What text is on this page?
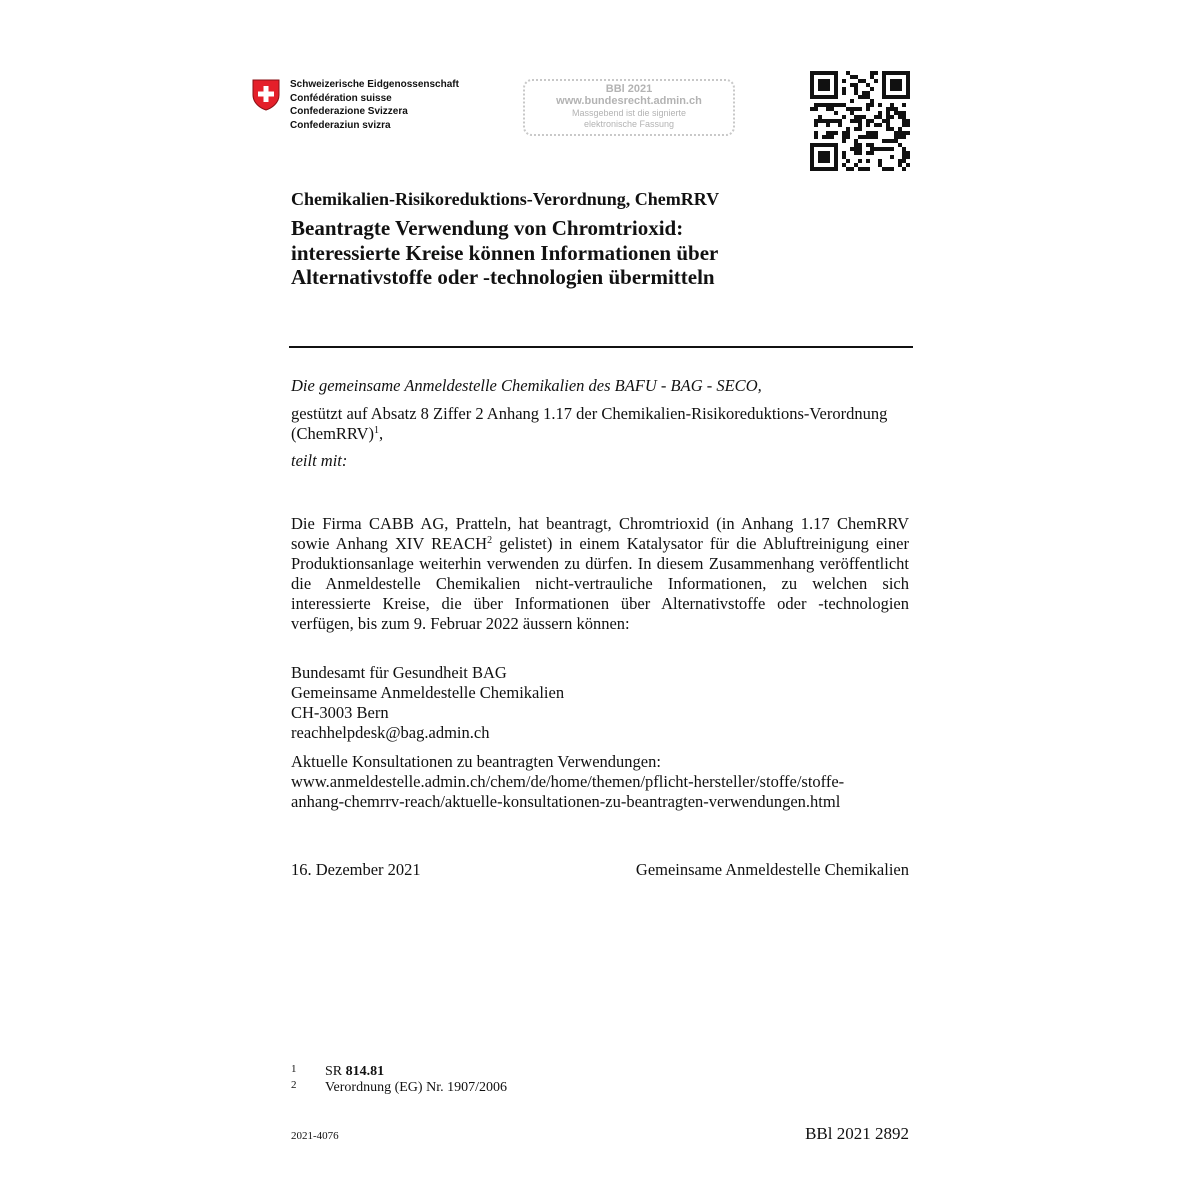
Schweizerische Eidgenossenschaft
Confédération suisse
Confederazione Svizzera
Confederaziun svizra
BBl 2021
www.bundesrecht.admin.ch
Massgebend ist die signierte
elektronische Fassung
Chemikalien-Risikoreduktions-Verordnung, ChemRRV
Beantragte Verwendung von Chromtrioxid:
interessierte Kreise können Informationen über
Alternativstoffe oder -technologien übermitteln
Die gemeinsame Anmeldestelle Chemikalien des BAFU - BAG - SECO,
gestützt auf Absatz 8 Ziffer 2 Anhang 1.17 der Chemikalien-Risikoreduktions-Verordnung (ChemRRV)$^1$,
teilt mit:
Die Firma CABB AG, Pratteln, hat beantragt, Chromtrioxid (in Anhang 1.17 ChemRRV sowie Anhang XIV REACH$^2$ gelistet) in einem Katalysator für die Abluftreinigung einer Produktionsanlage weiterhin verwenden zu dürfen. In diesem Zusammenhang veröffentlicht die Anmeldestelle Chemikalien nicht-vertrauliche Informationen, zu welchen sich interessierte Kreise, die über Informationen über Alternativstoffe oder -technologien verfügen, bis zum 9. Februar 2022 äussern können:
Bundesamt für Gesundheit BAG
Gemeinsame Anmeldestelle Chemikalien
CH-3003 Bern
reachhelpdesk@bag.admin.ch
Aktuelle Konsultationen zu beantragten Verwendungen:
www.anmeldestelle.admin.ch/chem/de/home/themen/pflicht-hersteller/stoffe/stoffe-
anhang-chemrrv-reach/aktuelle-konsultationen-zu-beantragten-verwendungen.html
16. Dezember 2021	Gemeinsame Anmeldestelle Chemikalien
1 SR 814.81
2 Verordnung (EG) Nr. 1907/2006
2021-4076	BBl 2021 2892
